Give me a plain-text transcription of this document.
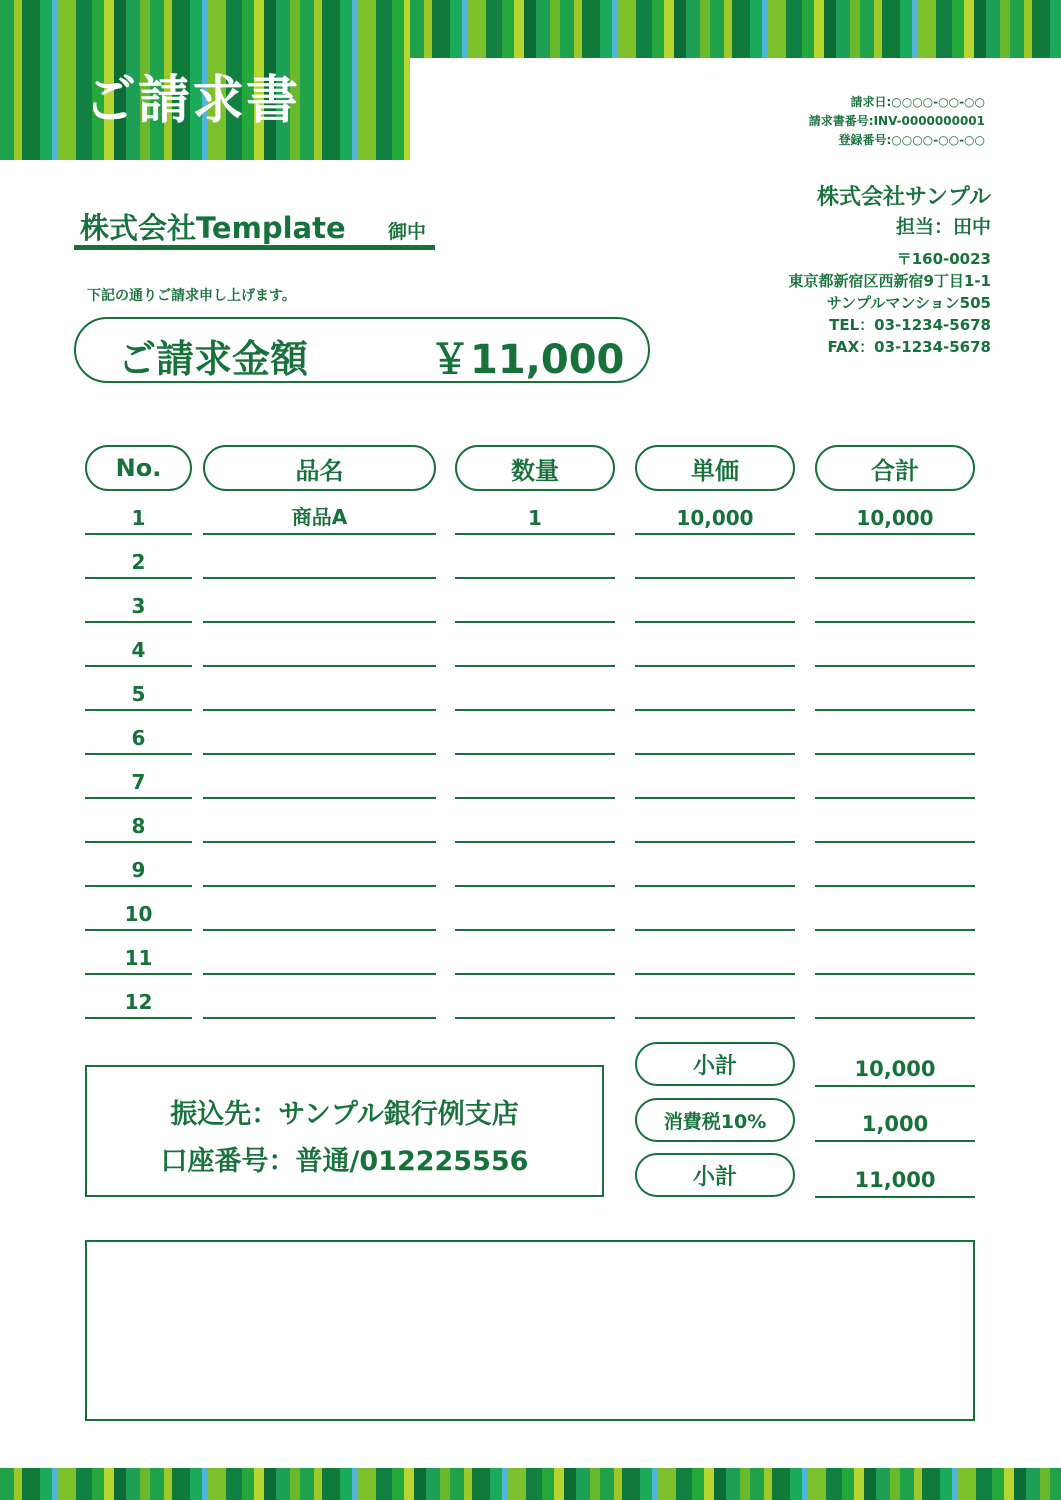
ご請求書	請求日:○○○○-○○-○○
請求書番号:INV-0000000001
登録番号:○○○○-○○-○○
株式会社Template 御中
下記の通りご請求申し上げます。
ご請求金額	￥11,000
株式会社サンプル
担当：田中
〒160-0023
東京都新宿区西新宿9丁目1-1
サンプルマンション505
TEL：03-1234-5678
FAX：03-1234-5678
No.	品名	数量	単価	合計
1	商品A	1	10,000	10,000
2
3
4
5
6
7
8
9
10
11
12
振込先：サンプル銀行例支店
口座番号：普通/012225556
小計	10,000
消費税10%	1,000
小計	11,000
